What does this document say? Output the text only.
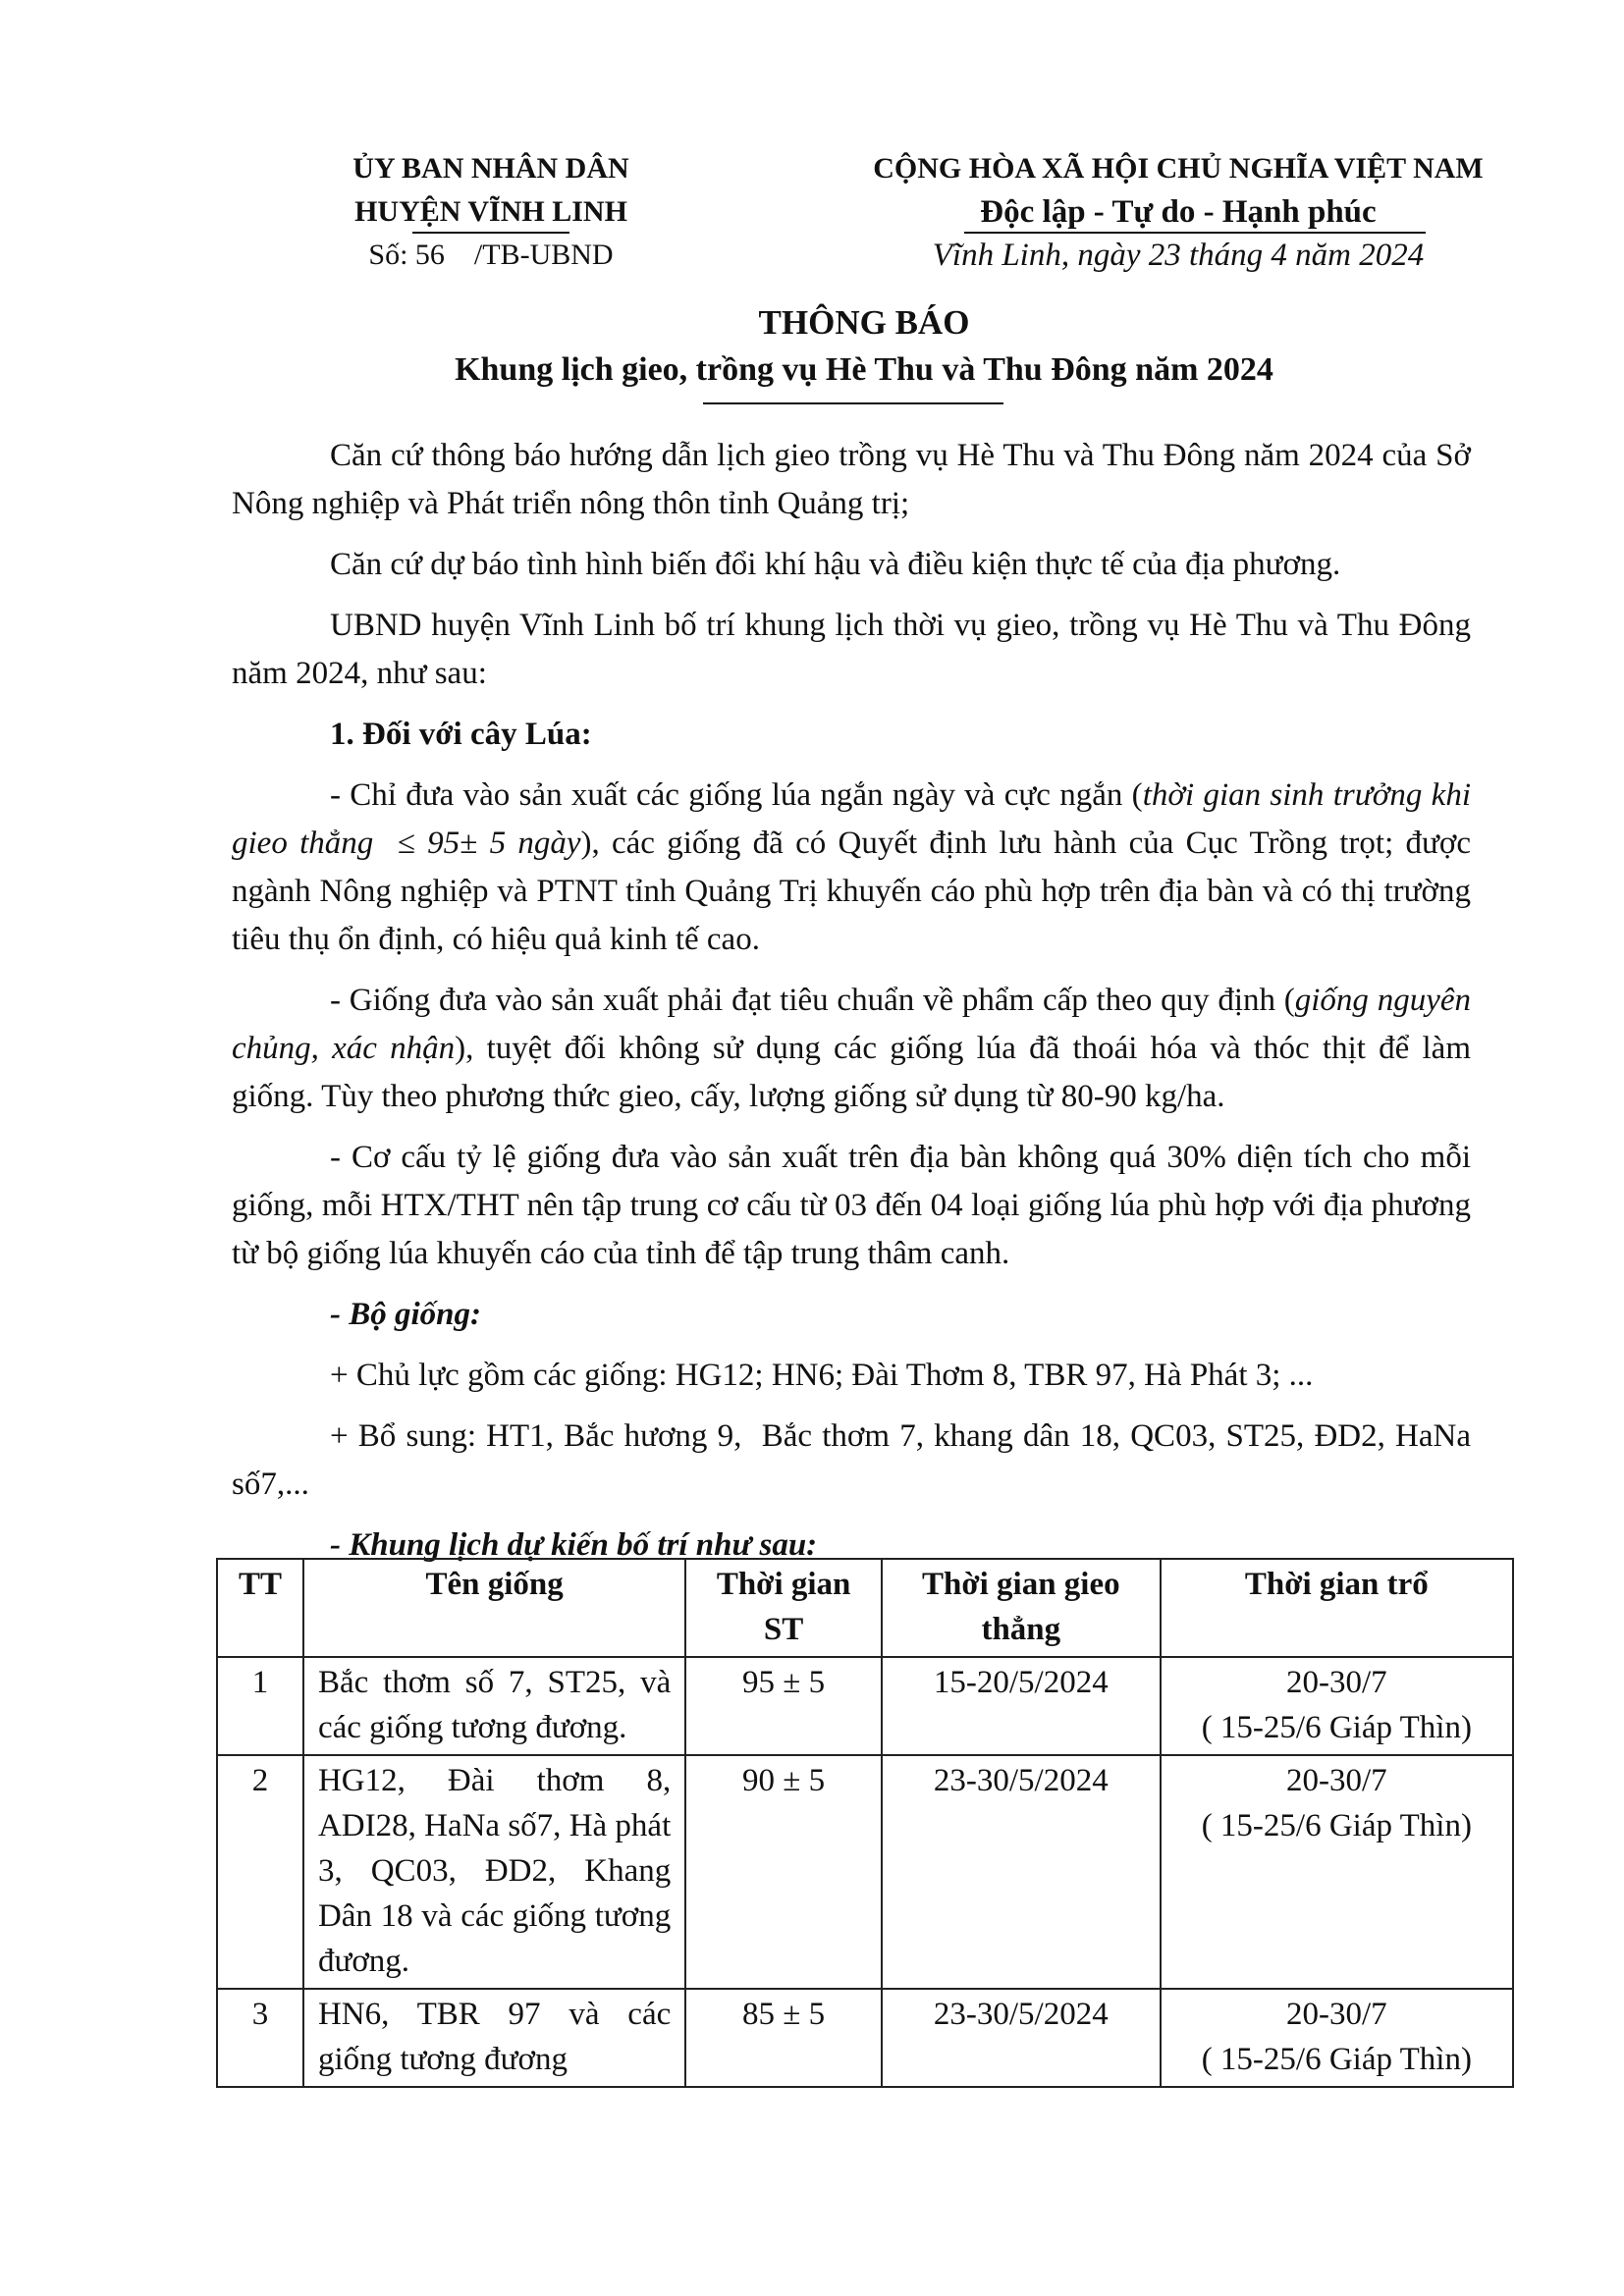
ỦY BAN NHÂN DÂN
HUYỆN VĨNH LINH
Số: 56    /TB-UBND
CỘNG HÒA XÃ HỘI CHỦ NGHĨA VIỆT NAM
Độc lập - Tự do - Hạnh phúc
Vĩnh Linh, ngày 23 tháng 4 năm 2024
THÔNG BÁO
Khung lịch gieo, trồng vụ Hè Thu và Thu Đông năm 2024

Căn cứ thông báo hướng dẫn lịch gieo trồng vụ Hè Thu và Thu Đông năm 2024 của Sở Nông nghiệp và Phát triển nông thôn tỉnh Quảng trị;

Căn cứ dự báo tình hình biến đổi khí hậu và điều kiện thực tế của địa phương.

UBND huyện Vĩnh Linh bố trí khung lịch thời vụ gieo, trồng vụ Hè Thu và Thu Đông năm 2024, như sau:

1. Đối với cây Lúa:

- Chỉ đưa vào sản xuất các giống lúa ngắn ngày và cực ngắn (thời gian sinh trưởng khi gieo thẳng  ≤ 95± 5 ngày), các giống đã có Quyết định lưu hành của Cục Trồng trọt; được ngành Nông nghiệp và PTNT tỉnh Quảng Trị khuyến cáo phù hợp trên địa bàn và có thị trường tiêu thụ ổn định, có hiệu quả kinh tế cao.

- Giống đưa vào sản xuất phải đạt tiêu chuẩn về phẩm cấp theo quy định (giống nguyên chủng, xác nhận), tuyệt đối không sử dụng các giống lúa đã thoái hóa và thóc thịt để làm giống. Tùy theo phương thức gieo, cấy, lượng giống sử dụng từ 80-90 kg/ha.

- Cơ cấu tỷ lệ giống đưa vào sản xuất trên địa bàn không quá 30% diện tích cho mỗi giống, mỗi HTX/THT nên tập trung cơ cấu từ 03 đến 04 loại giống lúa phù hợp với địa phương từ bộ giống lúa khuyến cáo của tỉnh để tập trung thâm canh.

- Bộ giống:

+ Chủ lực gồm các giống: HG12; HN6; Đài Thơm 8, TBR 97, Hà Phát 3; ...

+ Bổ sung: HT1, Bắc hương 9,  Bắc thơm 7, khang dân 18, QC03, ST25, ĐD2, HaNa số7,...

- Khung lịch dự kiến bố trí như sau:

TT	Tên giống	Thời gian ST	Thời gian gieo thẳng	Thời gian trổ
1	Bắc thơm số 7, ST25, và các giống tương đương.	95 ± 5	15-20/5/2024	20-30/7
( 15-25/6 Giáp Thìn)

2	HG12, Đài thơm 8, ADI28, HaNa số7, Hà phát 3, QC03, ĐD2, Khang Dân 18 và các giống tương đương.	90 ± 5	23-30/5/2024	20-30/7
( 15-25/6 Giáp Thìn)

3	HN6, TBR 97 và các giống tương đương	85 ± 5	23-30/5/2024	20-30/7
( 15-25/6 Giáp Thìn)
